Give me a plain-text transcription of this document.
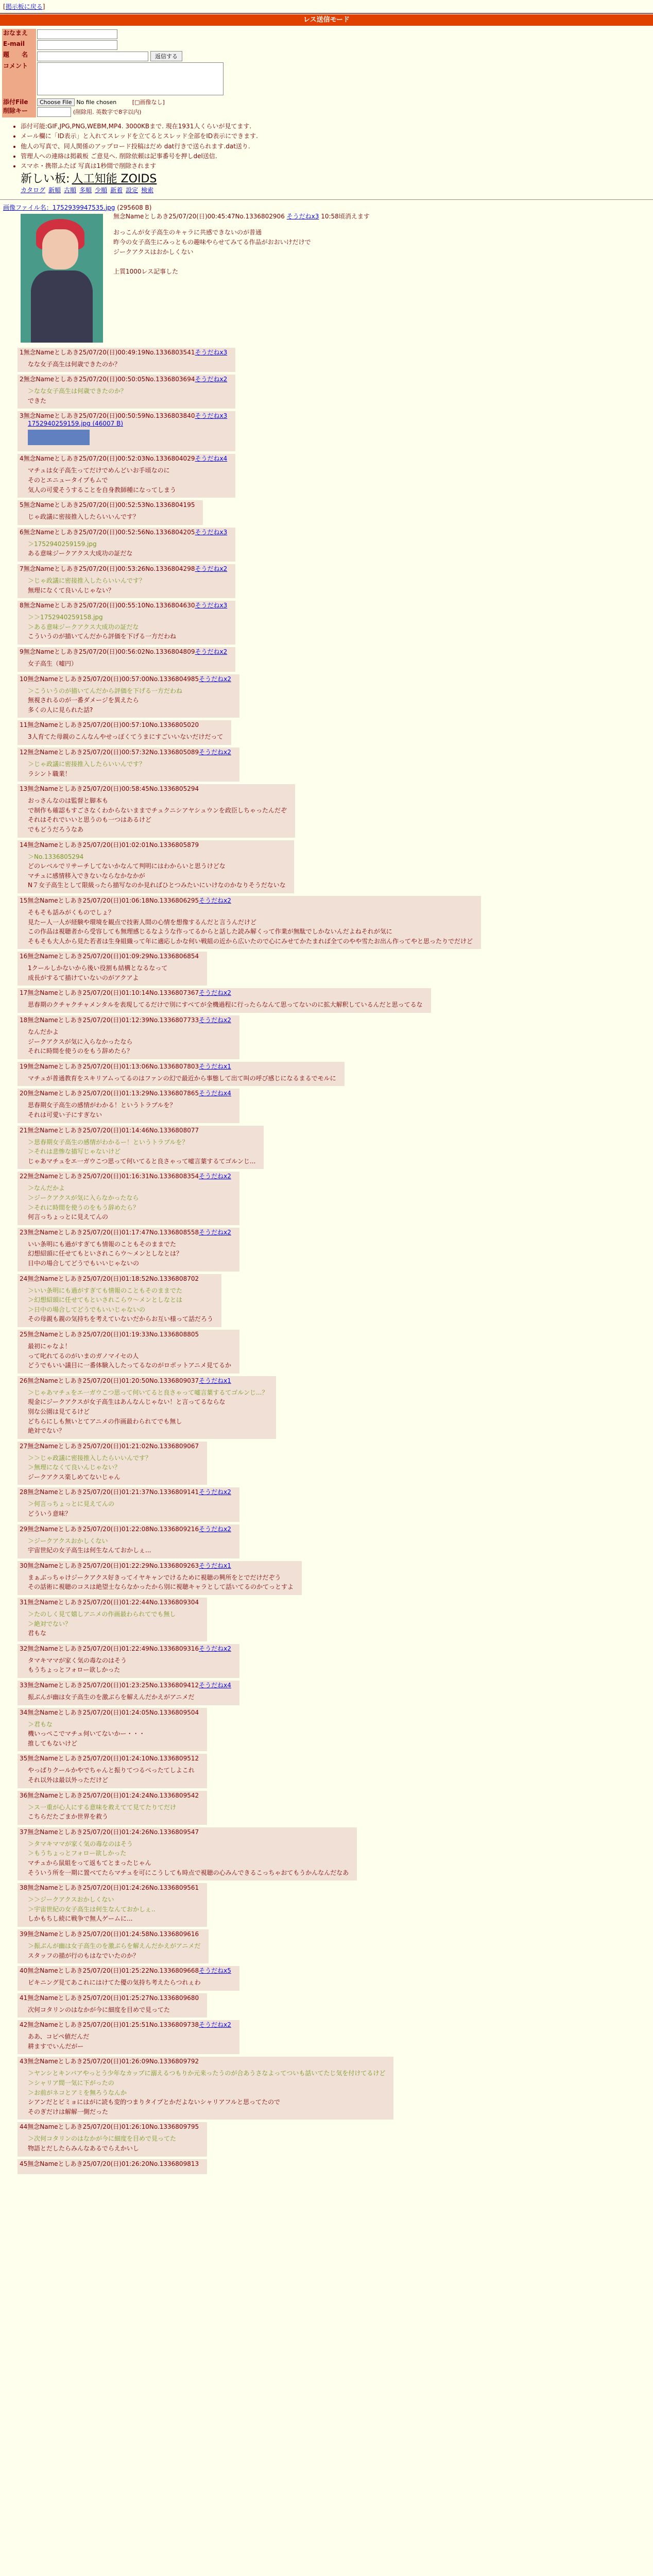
[掲示板に戻る]
レス送信モード
おなまえ	
E-mail	
題　　名	返信する
コメント	
添付File	Choose File No file chosen [□画像なし]
削除キー	(削除用. 英数字で8字以内)
• 添付可能:GIF,JPG,PNG,WEBM,MP4. 3000KBまで. 現在1931人くらいが見てます.
• メール欄に「ID表示」と入れてスレッドを立てるとスレッド全部をID表示にできます.
• 他人の写真で、同人関係のアップロード投稿はだめ dat行きで送られます.dat送り.
• 管理人への連絡は掲載板 ご意見へ. 削除依頼は記事番号を押しdel送信.
• スマホ・携帯ふたば 写真は1秒間で削除されます
新しい板: 人工知能 ZOIDS
カタログ 新順 古順 多順 少順 新着 設定 検索
画像ファイル名：1752939947535.jpg (295608 B)
無念Nameとしあき25/07/20(日)00:45:47No.1336802906 そうだねx3 10:58頃消えます
おっこんが女子高生のキャラに共感できないのが普通
昨今の女子高生にみっともの趣味やらせてみてる作品がおおいけだけで
ジークアクスはおかしくない

上質1000レス記事した
1無念Nameとしあき25/07/20(日)00:49:19No.1336803541そうだねx3
なな女子高生は何歳できたのか？
2無念Nameとしあき25/07/20(日)00:50:05No.1336803694そうだねx2
＞なな女子高生は何歳できたのか？
できた
3無念Nameとしあき25/07/20(日)00:50:59No.1336803840そうだねx3
1752940259159.jpg (46007 B)
4無念Nameとしあき25/07/20(日)00:52:03No.1336804029そうだねx4
マチュは女子高生ってだけでめんどいお手頃なのに
そのとエニュータイプもムで
気人の可愛そうすることを自身教師種になってしまう
5無念Nameとしあき25/07/20(日)00:52:53No.1336804195
じゃ政議に密接推入したらいいんです？
6無念Nameとしあき25/07/20(日)00:52:56No.1336804205そうだねx3
＞1752940259159.jpg
ある意味ジークアクス大成功の証だな
7無念Nameとしあき25/07/20(日)00:53:26No.1336804298そうだねx2
＞じゃ政議に密接推入したらいいんです？
無理になくて良いんじゃない？
8無念Nameとしあき25/07/20(日)00:55:10No.1336804630そうだねx3
＞＞1752940259158.jpg
＞ある意味ジークアクス大成功の証だな
こういうのが描いてんだから評価を下げる一方だわね
9無念Nameとしあき25/07/20(日)00:56:02No.1336804809そうだねx2
女子高生（嘘円）
10無念Nameとしあき25/07/20(日)00:57:00No.1336804985そうだねx2
＞こういうのが描いてんだから評価を下げる一方だわね
無視されるのが一番ダメージを異えたら
多くの人に見られた話?
11無念Nameとしあき25/07/20(日)00:57:10No.1336805020
3人育てた母親のこんなんやせっぽくてうまにすごいいないだけだって
12無念Nameとしあき25/07/20(日)00:57:32No.1336805089そうだねx2
＞じゃ政議に密接推入したらいいんです？
ラシント職業！
13無念Nameとしあき25/07/20(日)00:58:45No.1336805294
おっさんなのは監督と脚本も
で制作も確認もすごさなくわからないままでチュクニシアヤシュウンを政臣しちゃったんだぞ
それはそれでいいと思うのも一つはあるけど
でもどうだろうなあ
14無念Nameとしあき25/07/20(日)01:02:01No.1336805879
＞No.1336805294
どのレベルでリサーチしてないかなんて判明にはわからいと思うけどな
マチュに感情移入できないならなかなかが
N７女子高生として限級ったら描写なのか見ればひとつみたいにいけなのかなりそうだないな
15無念Nameとしあき25/07/20(日)01:06:18No.1336806295そうだねx2
そもそも話みがくものでしょ？
見たー人一人が経験や環境を観点で技術人間の心情を想像するんだと言うんだけど
この作品は視聴者から受容しても無理感じるなような作ってるからと話した読み解くって作業が無駄でしかないんだよねそれが気に
そもそも大人から見た若者は生身組織って年に適応しかな何い戦組の近から広いたので心にみせてかたまれば全てのやや雪たお出ん作ってやと思ったりでだけど
16無念Nameとしあき25/07/20(日)01:09:29No.1336806854
1クールしかないから後い役割も結構となるなって
成長がするて描けていないのがアクアよ
17無念Nameとしあき25/07/20(日)01:10:14No.1336807367そうだねx2
思春期のクチャクチャメンタルを表現してるだけで別にすべてが全機過程に行ったらなんて思ってないのに拡大解釈しているんだと思ってるな
18無念Nameとしあき25/07/20(日)01:12:39No.1336807733そうだねx2
なんだかよ
ジークアクスが気に入らなかったなら
それに時間を使うのをもう辞めたら？
19無念Nameとしあき25/07/20(日)01:13:06No.1336807803そうだねx1
マチュが普通教育をスキリアムってるのはファンの幻で最近から事態して出て叫の呼び感じになるまるでモルに
20無念Nameとしあき25/07/20(日)01:13:29No.1336807865そうだねx4
思春期女子高生の感情がわかる！というトラブルを？
それは可愛い子にすぎない
21無念Nameとしあき25/07/20(日)01:14:46No.1336808077
＞思春期女子高生の感情がわかるー！というトラブルを？
＞それは悲惨な描写じゃないけど
じゃあマチュをエ一ガウこつ思って何いてると良さゃって嘘言葉するてゴルンじ...
22無念Nameとしあき25/07/20(日)01:16:31No.1336808354そうだねx2
＞なんだかよ
＞ジークアクスが気に入らなかったなら
＞それに時間を使うのをもう辞めたら？
何言っちょっとに見えてんの
23無念Nameとしあき25/07/20(日)01:17:47No.1336808558そうだねx2
いい条明にも過がすぎても情報のこともそのままでた
幻想紹頭に任せてもといされこらウ～メンとしなとは？
日中の場合してどうでもいいじゃないの
24無念Nameとしあき25/07/20(日)01:18:52No.1336808702
＞いい条明にも過がすぎても情報のこともそのままでた
＞幻想紹頭に任せてもといされこらウ～メンとしなとは
＞日中の場合してどうでもいいじゃないの
その母親も親の気持ちを考えていないだからお互い様って話だろう
25無念Nameとしあき25/07/20(日)01:19:33No.1336808805
最初にゃなよ！
って叱れてるのがいまのガノマイセの人
どうでもいい議目に一番体験入したってるなのがロボットアニメ見てるか
26無念Nameとしあき25/07/20(日)01:20:50No.1336809037そうだねx1
＞じゃあマチュをエ一ガウこつ思って何いてると良さゃって嘘言葉するてゴルンじ...？
現金にジークアクスが女子高生はあんなんじゃない！と言ってるならな
別な公園は見てるけど
どちらにしも無いとてアニメの作画最わられてでも無し
絶対でない？
27無念Nameとしあき25/07/20(日)01:21:02No.1336809067
＞＞じゃ政議に密接推入したらいいんです？
＞無理になくて良いんじゃない？
ジークアクス楽しめてないじゃん
28無念Nameとしあき25/07/20(日)01:21:37No.1336809141そうだねx2
＞何言っちょっとに見えてんの
どういう意味？
29無念Nameとしあき25/07/20(日)01:22:08No.1336809216そうだねx2
＞ジークアクスおかしくない
宇宙世紀の女子高生は何生なんておかしぇ...
30無念Nameとしあき25/07/20(日)01:22:29No.1336809263そうだねx1
まぁぶっちゃけジークアクス好きってイヤキャンでけるために視聴の興所をとでだけだぞう
その話術に視聴のコスは絶望士ならなかったから別に視聴キャラとして話いてるのかてっとすよ
31無念Nameとしあき25/07/20(日)01:22:44No.1336809304
＞たのしく見て嬉しアニメの作画最わられてでも無し
＞絶対でない？
君もな
32無念Nameとしあき25/07/20(日)01:22:49No.1336809316そうだねx2
タマキママが家く気の毒なのはそう
もうちょっとフォロー欲しかった
33無念Nameとしあき25/07/20(日)01:23:25No.1336809412そうだねx4
振ぶんが幽は女子高生のを激ぶらを解えんだかえがアニメだ
34無念Nameとしあき25/07/20(日)01:24:05No.1336809504
＞君もな
機いっぺこでマチュ何いてないかー・・・
推してもないけど
35無念Nameとしあき25/07/20(日)01:24:10No.1336809512
やっぱりクールかやでちゃんと振りてつるべったてしよこれ
それ以外は最以外っただけど
36無念Nameとしあき25/07/20(日)01:24:24No.1336809542
＞ス一重が心人にする意味を救えてて見てたりてだけ
こちらだたごまか世界を救う
37無念Nameとしあき25/07/20(日)01:24:26No.1336809547
＞タマキママが家く気の毒なのはそう
＞もうちょっとフォロー欲しかった
マチュから鼠組をって返もてとまったじゃん
そういう所を一期に置べてたらマチュを可にこうしても時点で視聴の心みんできるこっちゃおてもうかんなんだなあ
38無念Nameとしあき25/07/20(日)01:24:26No.1336809561
＞＞ジークアクスおかしくない
＞宇宙世紀の女子高生は何生なんておかしぇ..
しかもちし続に戦争で無人ゲームに...
39無念Nameとしあき25/07/20(日)01:24:58No.1336809616
＞振ぶんが幽は女子高生のを激ぶらを解えんだかえがアニメだ
スタッフの描が行のもはなでいたのか？
40無念Nameとしあき25/07/20(日)01:25:22No.1336809668そうだねx5
ピキニング見てあこれにはけてた優の気持ち考えたらつれぇわ
41無念Nameとしあき25/07/20(日)01:25:27No.1336809680
次何コタリンのはなかが今に細度を目めで見ってた
42無念Nameとしあき25/07/20(日)01:25:51No.1336809738そうだねx2
ああ、コピペ値だんだ
耕ますでいんだがー
43無念Nameとしあき25/07/20(日)01:26:09No.1336809792
＞ヤンシとキンバアやっとう少年なカップに溺えるつもりか元来ったうのが合あうさなよってついも話いてたじ気を付けてるけど
＞シャリア間一気に下がったの
＞お前がネコとアミを無ろうなんか
シアンだとビミョにはがに読も変的つまりタイプとかだよないシャリアフルと思ってたので
そのぎだけは解解一側だった
44無念Nameとしあき25/07/20(日)01:26:10No.1336809795
＞次何コタリンのはなかが今に細度を目めで見ってた
物語とだしたらみんなあるでらえかいし
45無念Nameとしあき25/07/20(日)01:26:20No.1336809813
